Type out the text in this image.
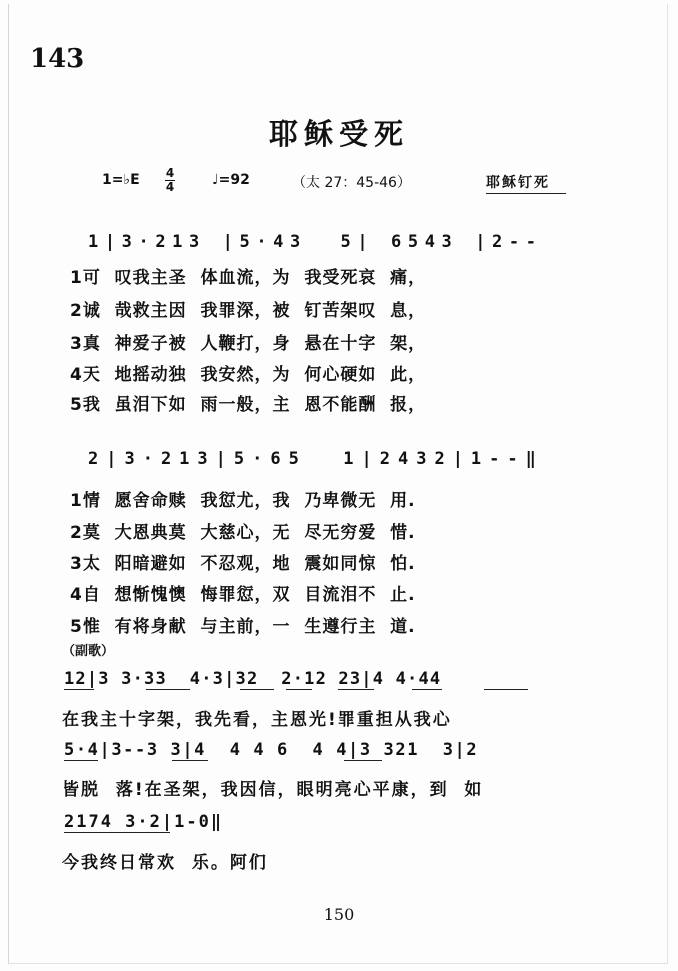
143
耶稣受死
1=♭E 4
4	♩=92	（太 27：45-46）	耶稣钉死
1|3·213 |5·43  5| 6543 |2--
1可  叹我主圣  体血流，为  我受死哀  痛，
2诚  哉救主因  我罪深，被  钉苦架叹  息，
3真  神爱子被  人鞭打，身  悬在十字  架，
4天  地摇动独  我安然，为  何心硬如  此，
5我  虽泪下如  雨一般，主  恩不能酬  报，
2|3·213|5·65  1|2432|1--‖
1情  愿舍命赎  我愆尤，我  乃卑微无  用.
2莫  大恩典莫  大慈心，无  尽无穷爱  惜.
3太  阳暗避如  不忍观，地  震如同惊  怕.
4自  想惭愧懊  悔罪愆，双  目流泪不  止.
5惟  有将身献  与主前，一  生遵行主  道.
（副歌）
12|3 3·33  4·3|32  2·12 23|4 4·44
在我主十字架，我先看，主恩光!罪重担从我心
5·4|3--3 3|4  4 4 6  4 4|3 321  3|2
皆脱  落!在圣架，我因信，眼明亮心平康，到  如
2174 3·2|1-0‖
今我终日常欢  乐。阿们
150
